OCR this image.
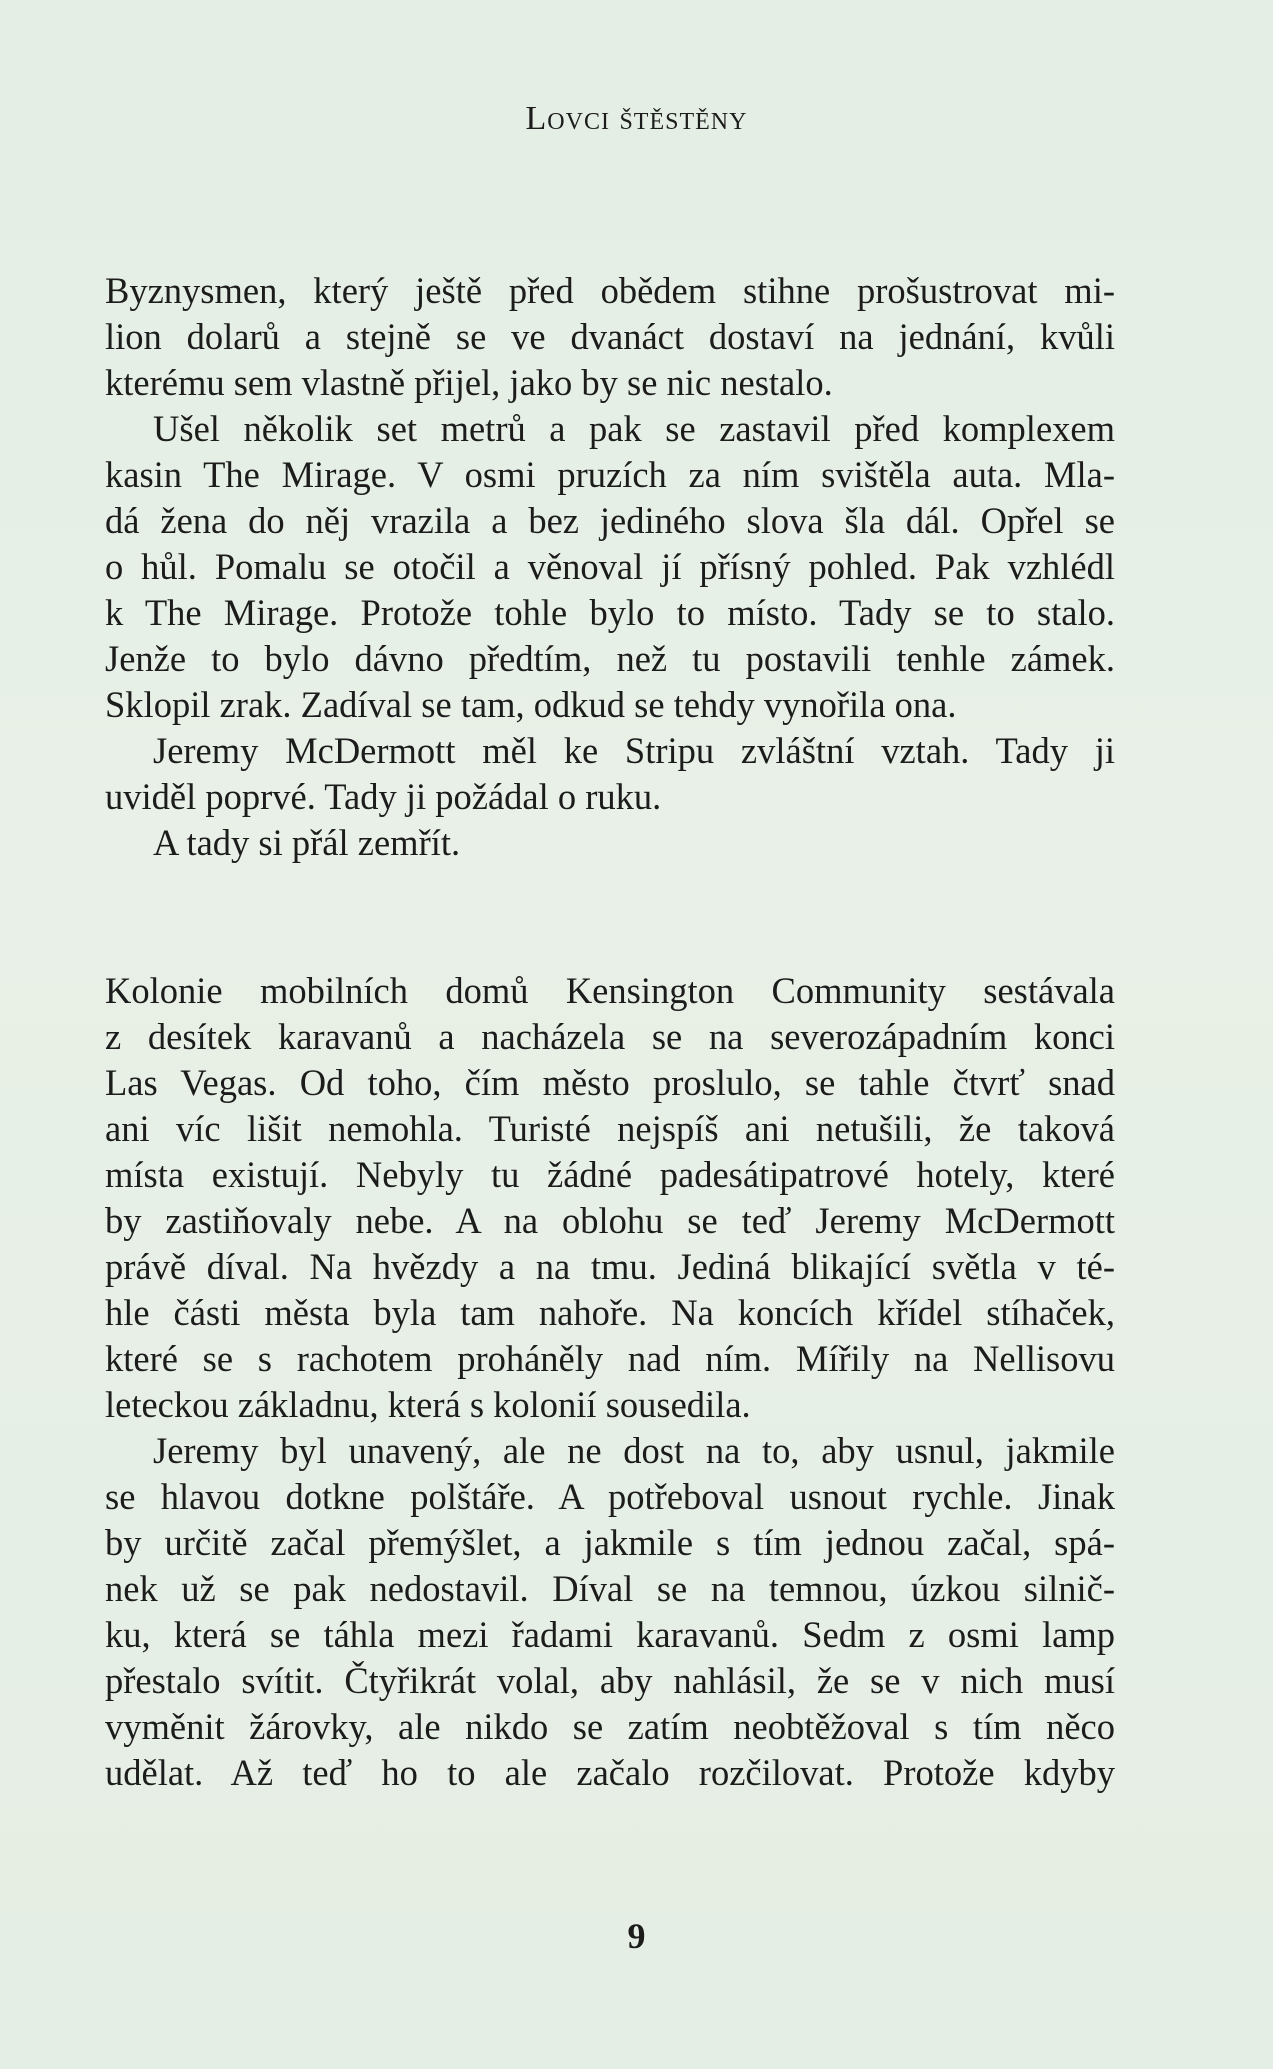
Lovci štěstěny
Byznysmen, který ještě před obědem stihne prošustrovat mi-
lion dolarů a stejně se ve dvanáct dostaví na jednání, kvůli
kterému sem vlastně přijel, jako by se nic nestalo.
Ušel několik set metrů a pak se zastavil před komplexem
kasin The Mirage. V osmi pruzích za ním svištěla auta. Mla-
dá žena do něj vrazila a bez jediného slova šla dál. Opřel se
o hůl. Pomalu se otočil a věnoval jí přísný pohled. Pak vzhlédl
k The Mirage. Protože tohle bylo to místo. Tady se to stalo.
Jenže to bylo dávno předtím, než tu postavili tenhle zámek.
Sklopil zrak. Zadíval se tam, odkud se tehdy vynořila ona.
Jeremy McDermott měl ke Stripu zvláštní vztah. Tady ji
uviděl poprvé. Tady ji požádal o ruku.
A tady si přál zemřít.
Kolonie mobilních domů Kensington Community sestávala
z desítek karavanů a nacházela se na severozápadním konci
Las Vegas. Od toho, čím město proslulo, se tahle čtvrť snad
ani víc lišit nemohla. Turisté nejspíš ani netušili, že taková
místa existují. Nebyly tu žádné padesátipatrové hotely, které
by zastiňovaly nebe. A na oblohu se teď Jeremy McDermott
právě díval. Na hvězdy a na tmu. Jediná blikající světla v té-
hle části města byla tam nahoře. Na koncích křídel stíhaček,
které se s rachotem proháněly nad ním. Mířily na Nellisovu
leteckou základnu, která s kolonií sousedila.
Jeremy byl unavený, ale ne dost na to, aby usnul, jakmile
se hlavou dotkne polštáře. A potřeboval usnout rychle. Jinak
by určitě začal přemýšlet, a jakmile s tím jednou začal, spá-
nek už se pak nedostavil. Díval se na temnou, úzkou silnič-
ku, která se táhla mezi řadami karavanů. Sedm z osmi lamp
přestalo svítit. Čtyřikrát volal, aby nahlásil, že se v nich musí
vyměnit žárovky, ale nikdo se zatím neobtěžoval s tím něco
udělat. Až teď ho to ale začalo rozčilovat. Protože kdyby
9
